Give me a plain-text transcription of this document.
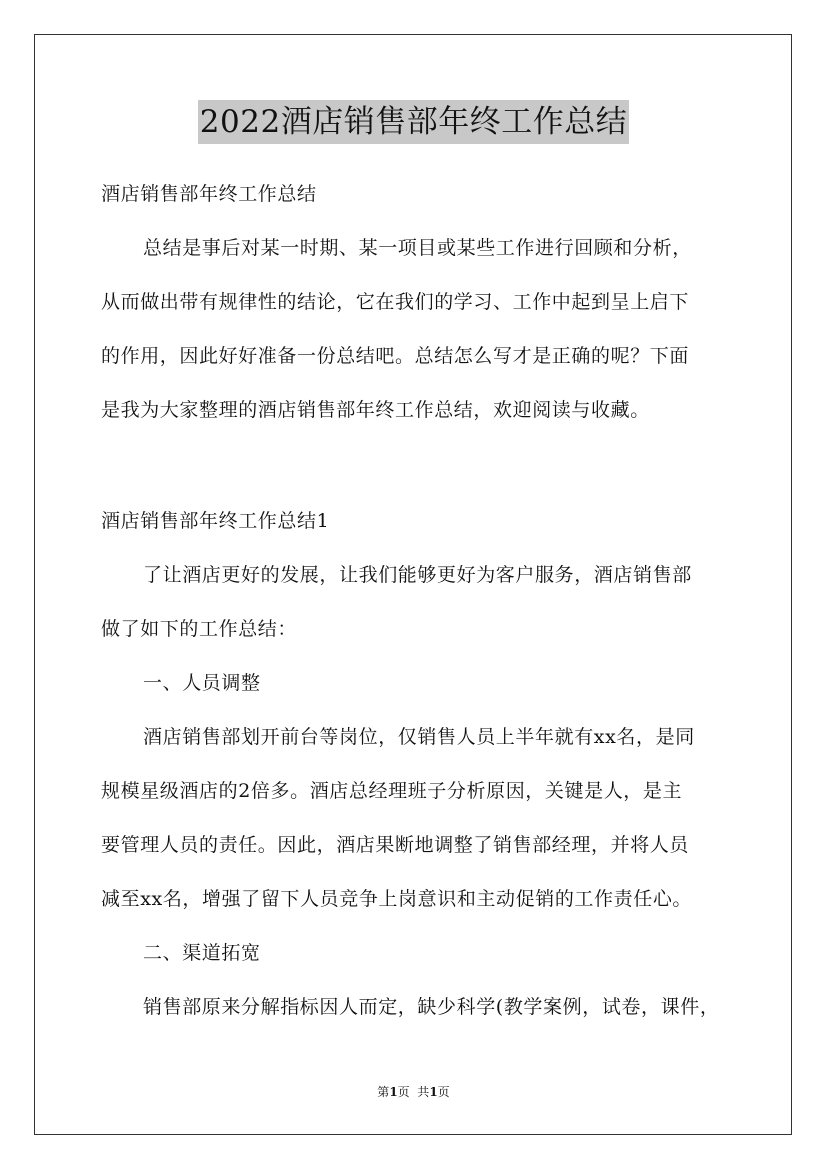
2022酒店销售部年终工作总结
酒店销售部年终工作总结
总结是事后对某一时期、某一项目或某些工作进行回顾和分析，
从而做出带有规律性的结论，它在我们的学习、工作中起到呈上启下
的作用，因此好好准备一份总结吧。总结怎么写才是正确的呢？下面
是我为大家整理的酒店销售部年终工作总结，欢迎阅读与收藏。
酒店销售部年终工作总结1
了让酒店更好的发展，让我们能够更好为客户服务，酒店销售部
做了如下的工作总结：
一、人员调整
酒店销售部划开前台等岗位，仅销售人员上半年就有xx名，是同
规模星级酒店的2倍多。酒店总经理班子分析原因，关键是人，是主
要管理人员的责任。因此，酒店果断地调整了销售部经理，并将人员
减至xx名，增强了留下人员竞争上岗意识和主动促销的工作责任心。
二、渠道拓宽
销售部原来分解指标因人而定，缺少科学(教学案例，试卷，课件，
第1页  共1页
